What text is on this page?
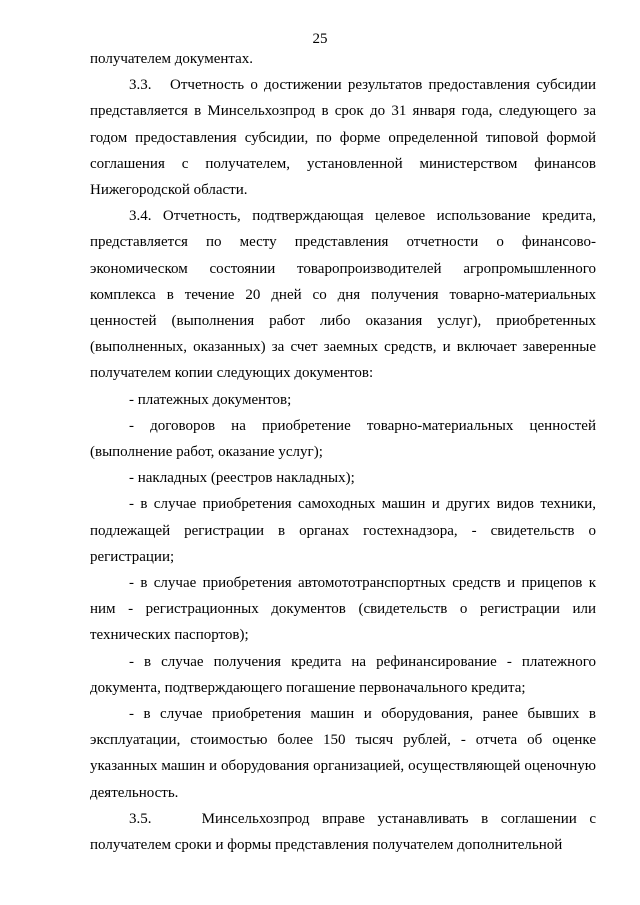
25

получателем документах.

3.3.   Отчетность о достижении результатов предоставления субсидии представляется в Минсельхозпрод в срок до 31 января года, следующего за годом предоставления субсидии, по форме определенной типовой формой соглашения с получателем, установленной министерством финансов Нижегородской области.

3.4. Отчетность, подтверждающая целевое использование кредита, представляется по месту представления отчетности о финансово-экономическом состоянии товаропроизводителей агропромышленного комплекса в течение 20 дней со дня получения товарно-материальных ценностей (выполнения работ либо оказания услуг), приобретенных (выполненных, оказанных) за счет заемных средств, и включает заверенные получателем копии следующих документов:

- платежных документов;

- договоров на приобретение товарно-материальных ценностей (выполнение работ, оказание услуг);

- накладных (реестров накладных);

- в случае приобретения самоходных машин и других видов техники, подлежащей регистрации в органах гостехнадзора, - свидетельств о регистрации;

- в случае приобретения автомототранспортных средств и прицепов к ним - регистрационных документов (свидетельств о регистрации или технических паспортов);

- в случае получения кредита на рефинансирование - платежного документа, подтверждающего погашение первоначального кредита;

- в случае приобретения машин и оборудования, ранее бывших в эксплуатации, стоимостью более 150 тысяч рублей, - отчета об оценке указанных машин и оборудования организацией, осуществляющей оценочную деятельность.

3.5.    Минсельхозпрод вправе устанавливать в соглашении с получателем сроки и формы представления получателем дополнительной
